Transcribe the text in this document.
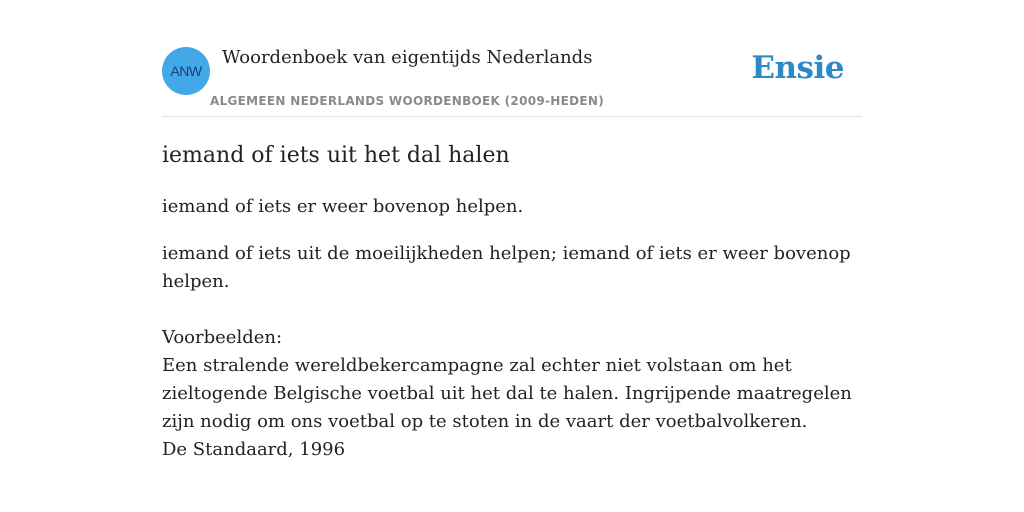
ANW
Woordenboek van eigentijds Nederlands
ALGEMEEN NEDERLANDS WOORDENBOEK (2009-HEDEN)
Ensie
iemand of iets uit het dal halen

iemand of iets er weer bovenop helpen.

iemand of iets uit de moeilijkheden helpen; iemand of iets er weer bovenop helpen.

Voorbeelden:
Een stralende wereldbekercampagne zal echter niet volstaan om het zieltogende Belgische voetbal uit het dal te halen. Ingrijpende maatregelen zijn nodig om ons voetbal op te stoten in de vaart der voetbalvolkeren.
De Standaard, 1996
